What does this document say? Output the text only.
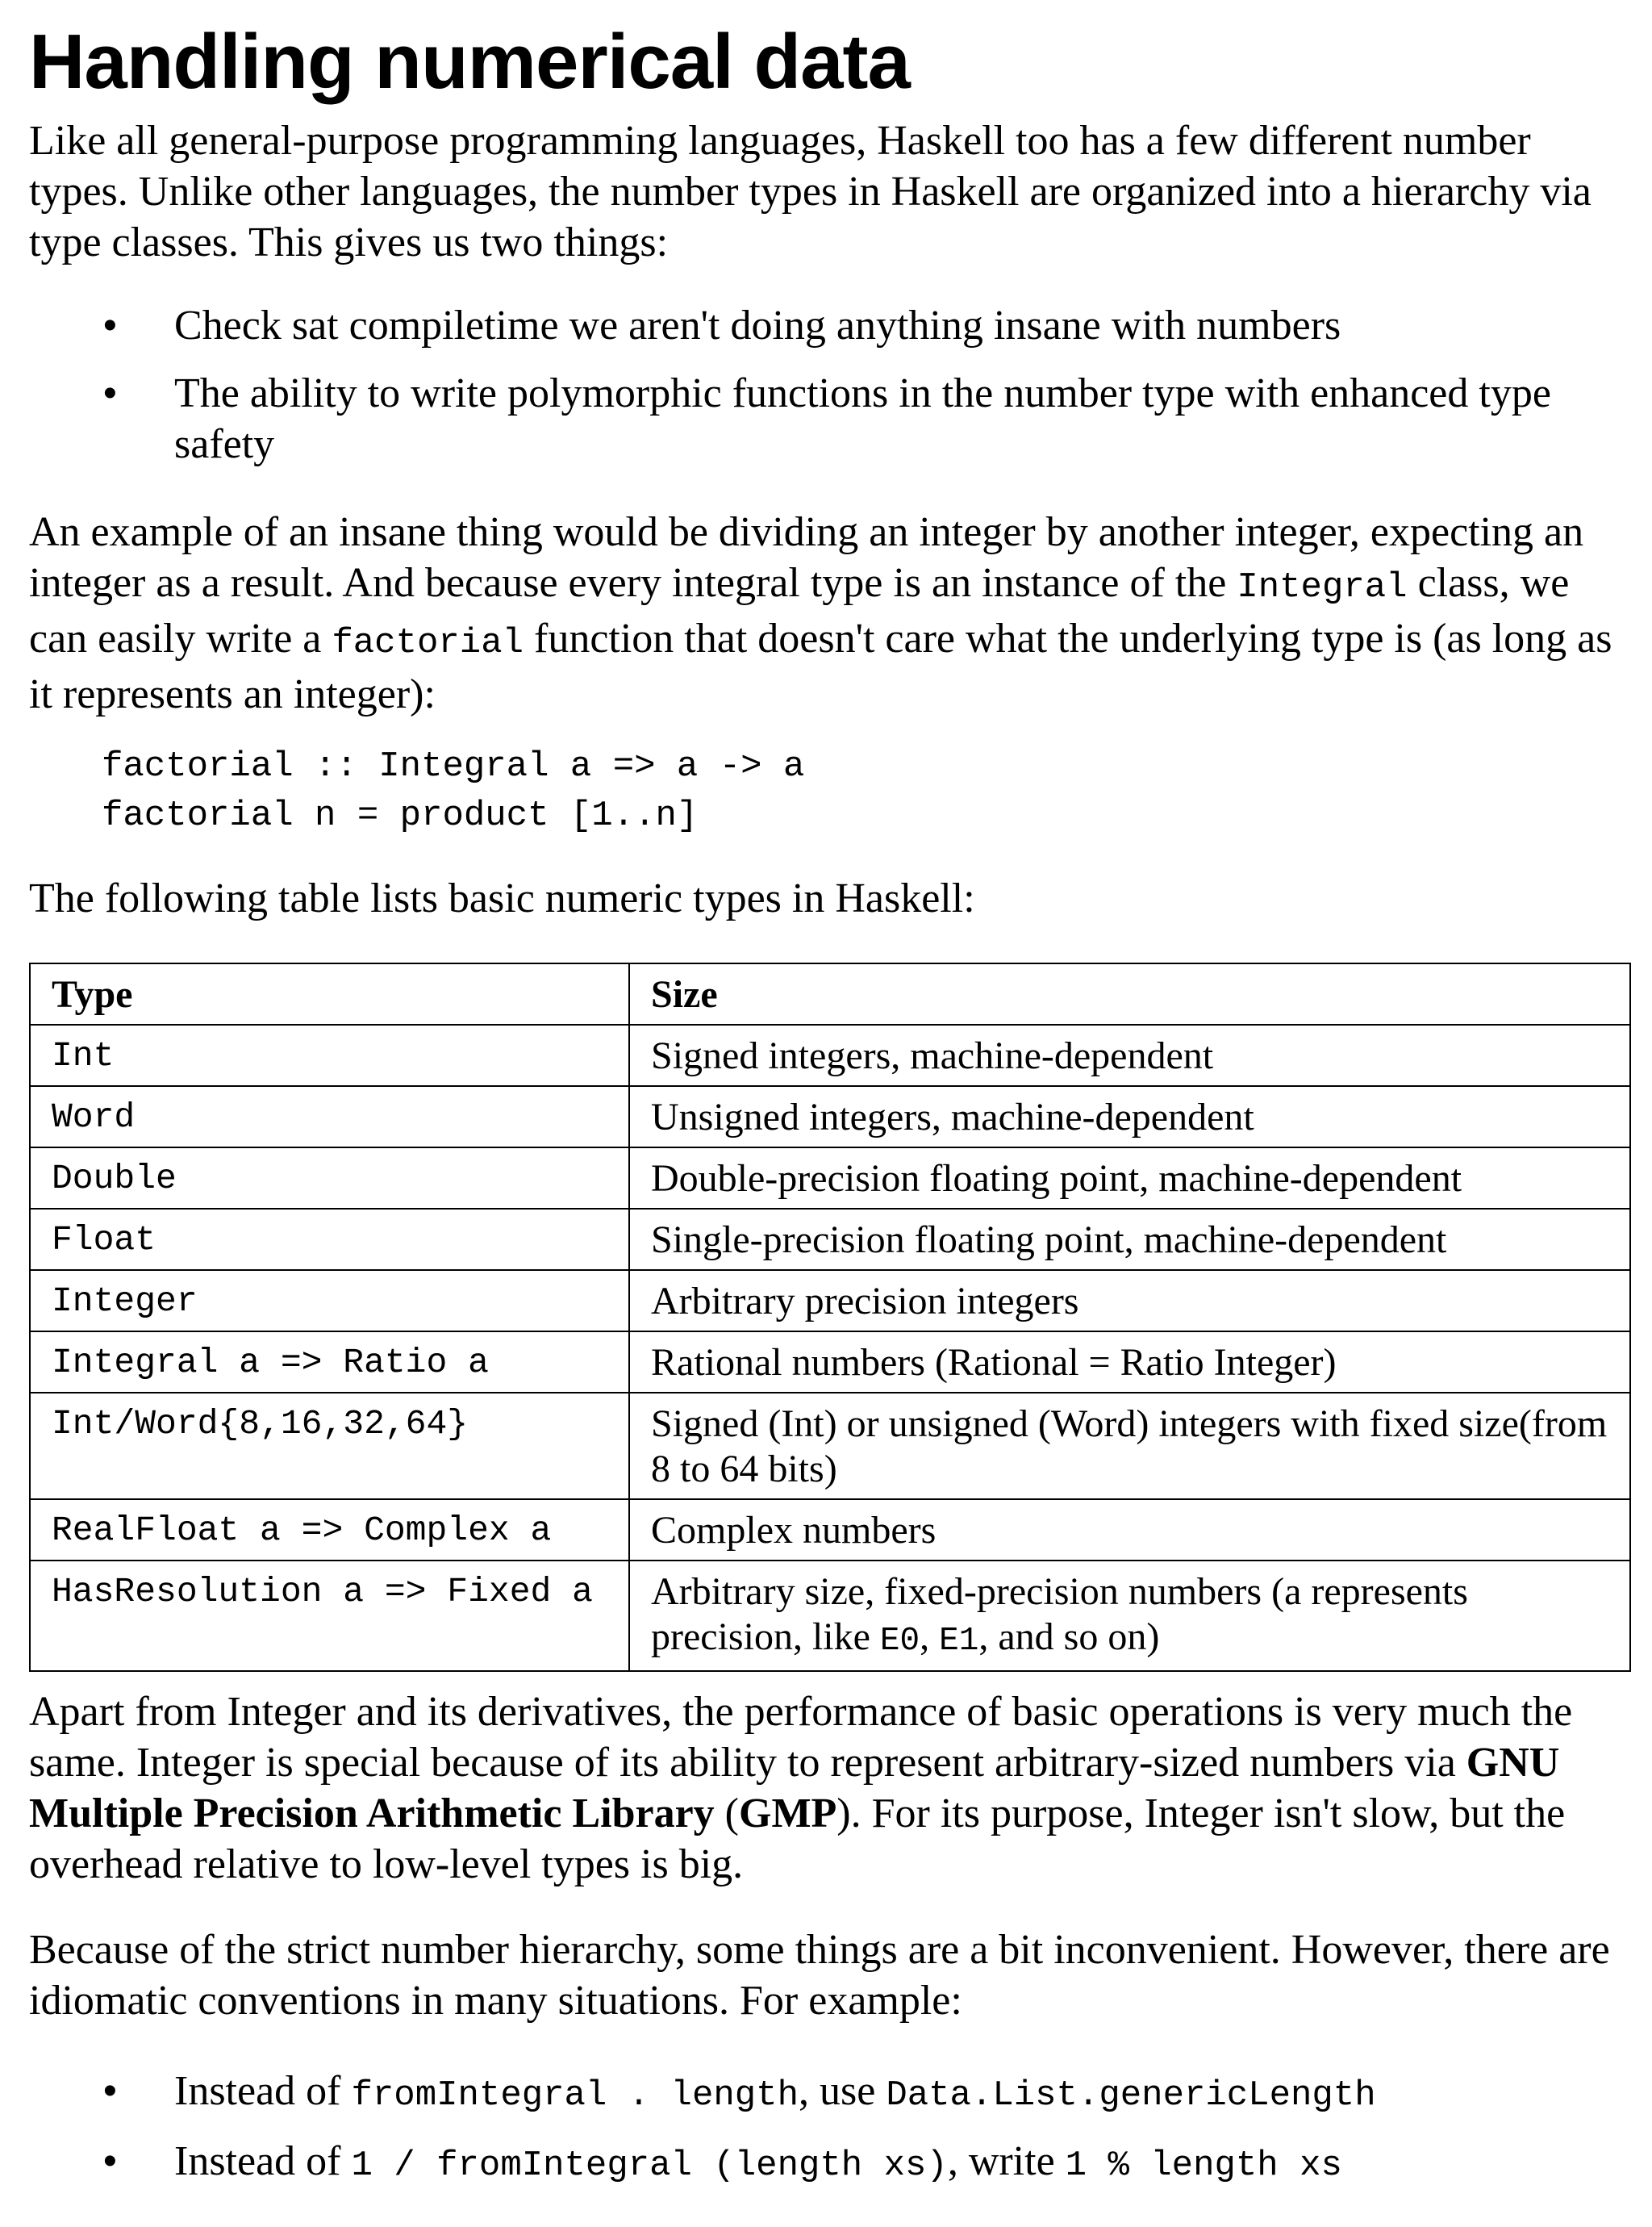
Handling numerical data

Like all general-purpose programming languages, Haskell too has a few different number types. Unlike other languages, the number types in Haskell are organized into a hierarchy via type classes. This gives us two things:

• Check sat compiletime we aren't doing anything insane with numbers
• The ability to write polymorphic functions in the number type with enhanced type safety

An example of an insane thing would be dividing an integer by another integer, expecting an integer as a result. And because every integral type is an instance of the Integral class, we can easily write a factorial function that doesn't care what the underlying type is (as long as it represents an integer):

factorial :: Integral a => a -> a
factorial n = product [1..n]

The following table lists basic numeric types in Haskell:

Type	Size
Int	Signed integers, machine-dependent
Word	Unsigned integers, machine-dependent
Double	Double-precision floating point, machine-dependent
Float	Single-precision floating point, machine-dependent
Integer	Arbitrary precision integers
Integral a => Ratio a	Rational numbers (Rational = Ratio Integer)
Int/Word{8,16,32,64}	Signed (Int) or unsigned (Word) integers with fixed size(from 8 to 64 bits)
RealFloat a => Complex a	Complex numbers
HasResolution a => Fixed a	Arbitrary size, fixed-precision numbers (a represents precision, like E0, E1, and so on)

Apart from Integer and its derivatives, the performance of basic operations is very much the same. Integer is special because of its ability to represent arbitrary-sized numbers via GNU Multiple Precision Arithmetic Library (GMP). For its purpose, Integer isn't slow, but the overhead relative to low-level types is big.

Because of the strict number hierarchy, some things are a bit inconvenient. However, there are idiomatic conventions in many situations. For example:

• Instead of fromIntegral . length, use Data.List.genericLength
• Instead of 1 / fromIntegral (length xs), write 1 % length xs
